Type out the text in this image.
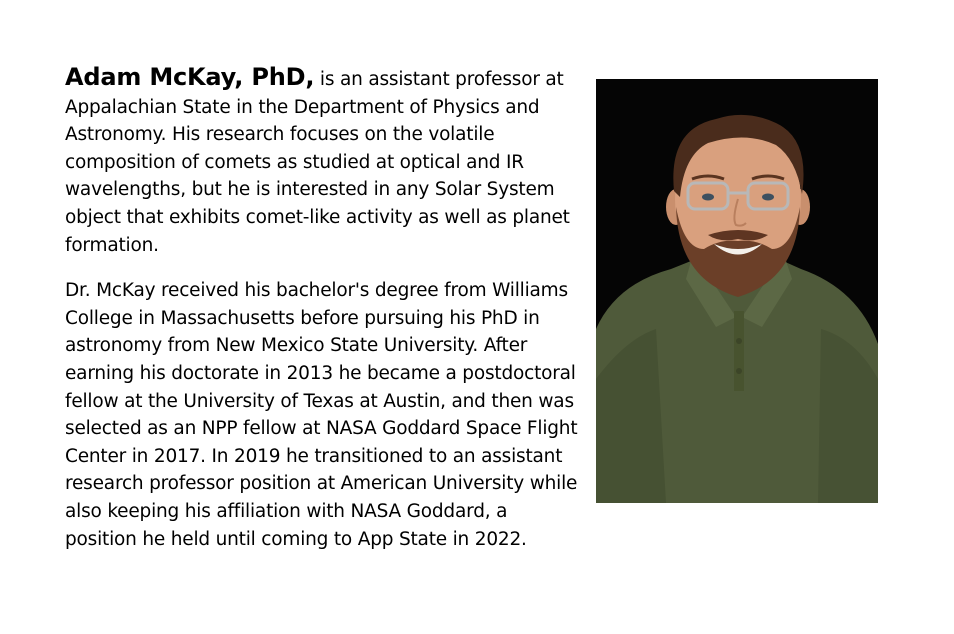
Adam McKay, PhD, is an assistant professor at Appalachian State in the Department of Physics and Astronomy. His research focuses on the volatile composition of comets as studied at optical and IR wavelengths, but he is interested in any Solar System object that exhibits comet-like activity as well as planet formation.

Dr. McKay received his bachelor's degree from Williams College in Massachusetts before pursuing his PhD in astronomy from New Mexico State University. After earning his doctorate in 2013 he became a postdoctoral fellow at the University of Texas at Austin, and then was selected as an NPP fellow at NASA Goddard Space Flight Center in 2017. In 2019 he transitioned to an assistant research professor position at American University while also keeping his affiliation with NASA Goddard, a position he held until coming to App State in 2022.
